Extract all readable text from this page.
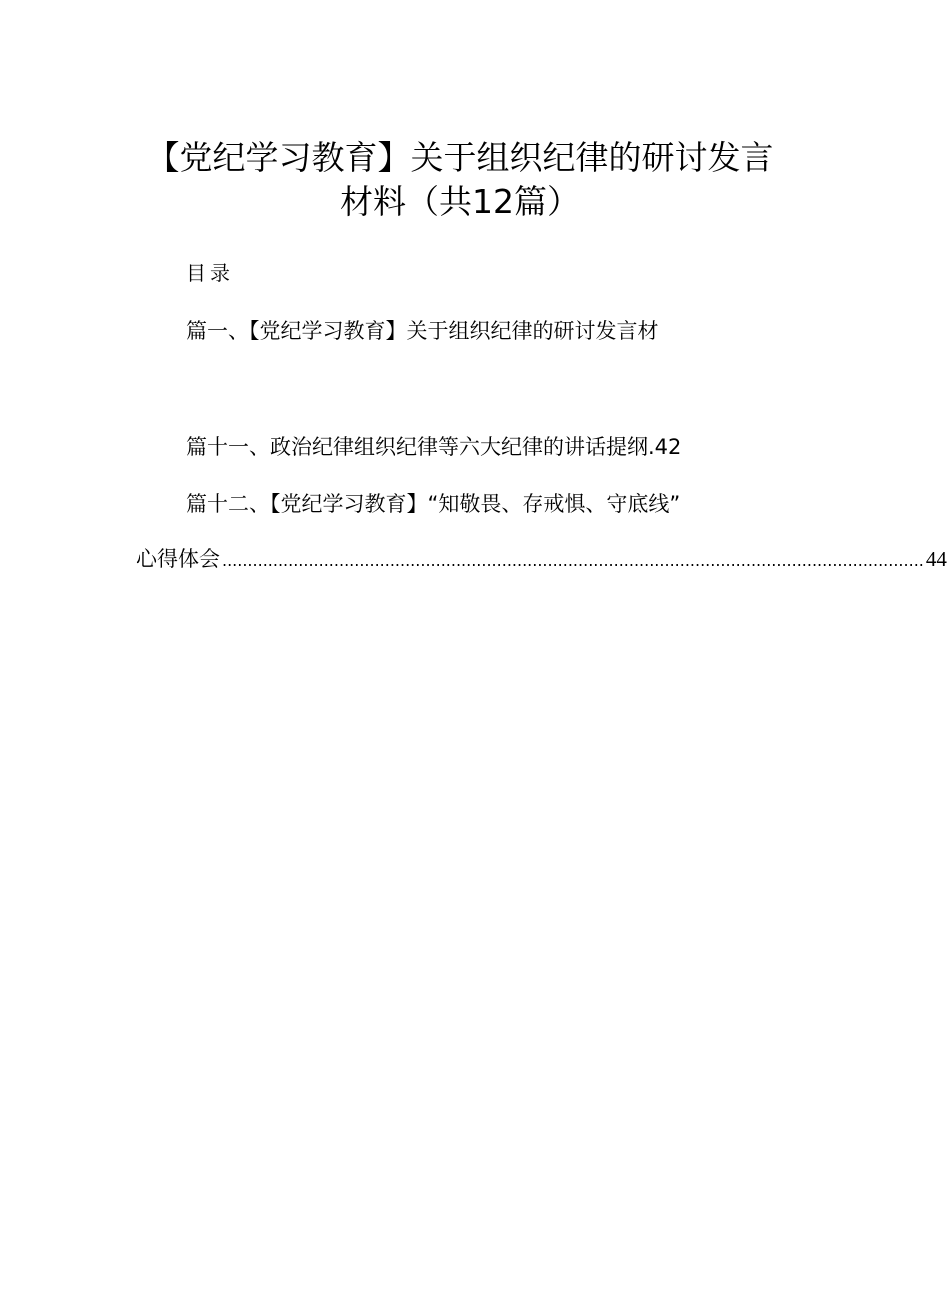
【党纪学习教育】关于组织纪律的研讨发言
材料（共12篇）
目录
篇一、【党纪学习教育】关于组织纪律的研讨发言材
篇十一、政治纪律组织纪律等六大纪律的讲话提纲.42
篇十二、【党纪学习教育】“知敬畏、存戒惧、守底线”
心得体会 .......................................................................................................................................... 44
